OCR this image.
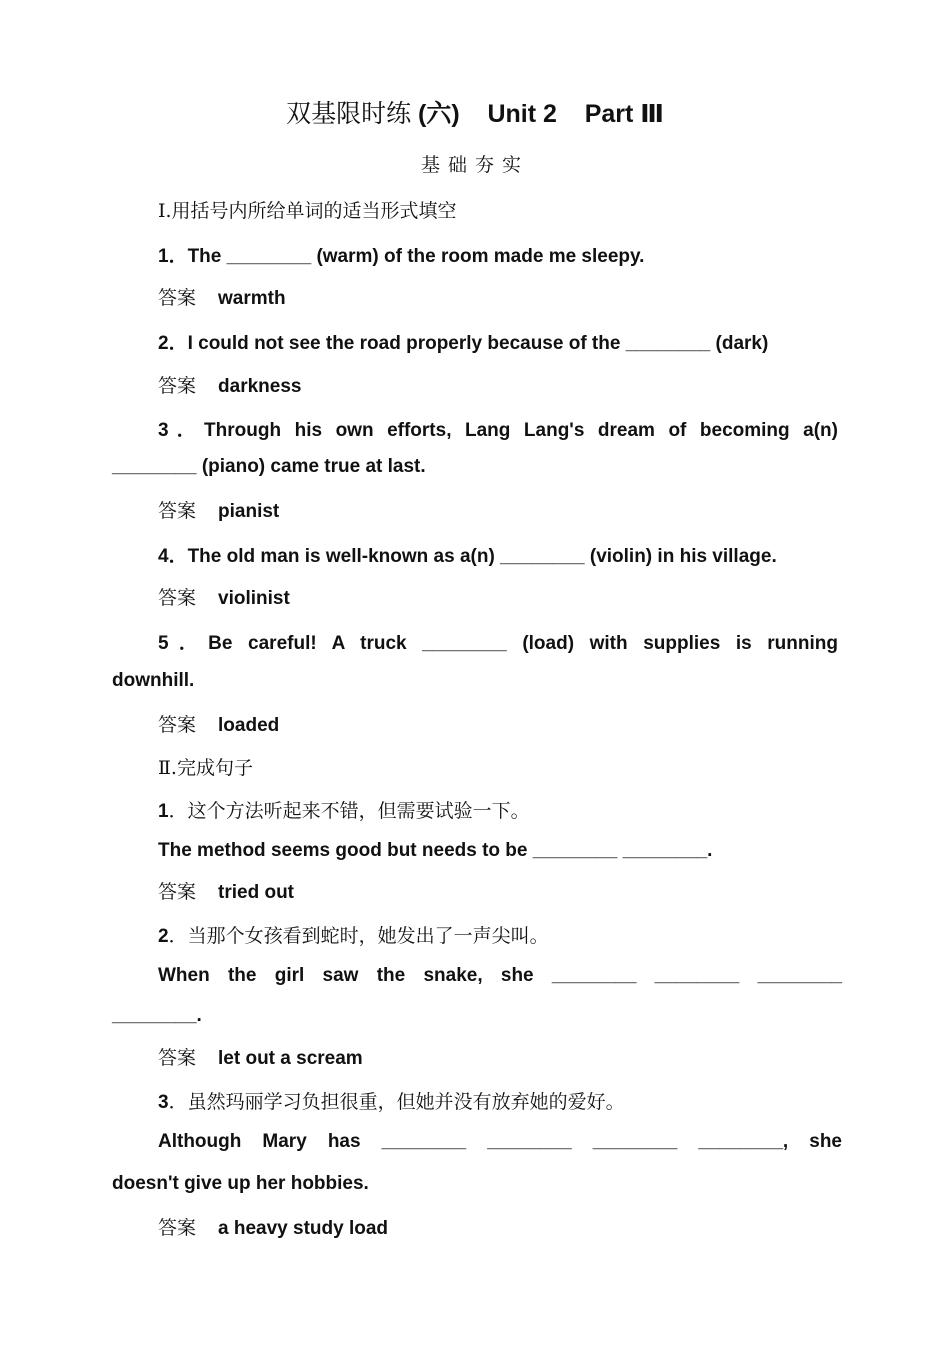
双基限时练 (六)    Unit 2    Part Ⅲ
基础夯实
Ⅰ.用括号内所给单词的适当形式填空
1．The ________ (warm) of the room made me sleepy.
答案 warmth
2．I could not see the road properly because of the ________ (dark)
答案 darkness
3．Through his own efforts, Lang Lang's dream of becoming a(n)
________ (piano) came true at last.
答案 pianist
4．The old man is well-known as a(n) ________ (violin) in his village.
答案 violinist
5．Be careful! A truck ________ (load) with supplies is running
downhill.
答案 loaded
Ⅱ.完成句子
1．这个方法听起来不错，但需要试验一下。
The method seems good but needs to be ________ ________.
答案 tried out
2．当那个女孩看到蛇时，她发出了一声尖叫。
When the girl saw the snake, she ________ ________ ________
________.
答案 let out a scream
3．虽然玛丽学习负担很重，但她并没有放弃她的爱好。
Although Mary has ________ ________ ________ ________, she
doesn't give up her hobbies.
答案 a heavy study load
